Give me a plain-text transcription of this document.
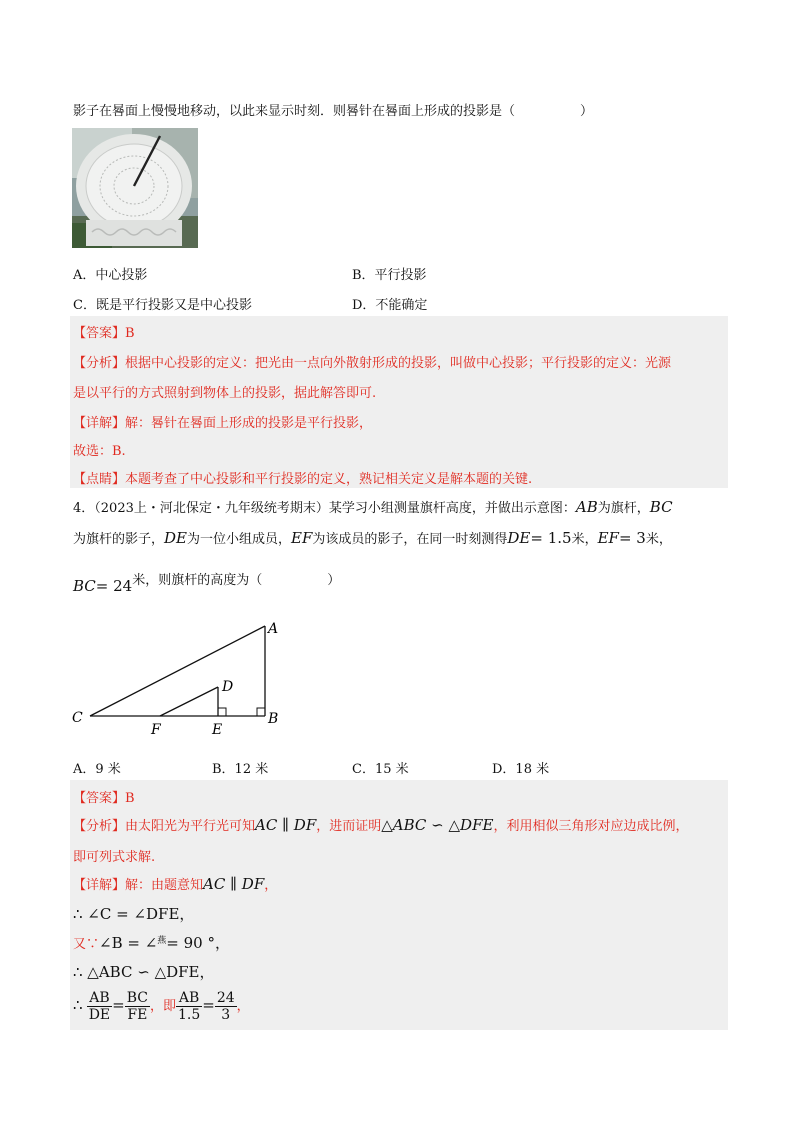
影子在晷面上慢慢地移动，以此来显示时刻．则晷针在晷面上形成的投影是（　　　　　）
A．中心投影	B．平行投影
C．既是平行投影又是中心投影	D．不能确定
【答案】B
【分析】根据中心投影的定义：把光由一点向外散射形成的投影，叫做中心投影；平行投影的定义：光源
是以平行的方式照射到物体上的投影，据此解答即可.
【详解】解：晷针在晷面上形成的投影是平行投影，
故选：B.
【点睛】本题考查了中心投影和平行投影的定义，熟记相关定义是解本题的关键.
4．（2023上・河北保定・九年级统考期末）某学习小组测量旗杆高度，并做出示意图：AB为旗杆，BC
为旗杆的影子，DE为一位小组成员，EF为该成员的影子，在同一时刻测得DE= 1.5米，EF= 3米，
BC= 24米，则旗杆的高度为（　　　　　）
A
B
C
D
E
F
A．9 米	B．12 米	C．15 米	D．18 米
【答案】B
【分析】由太阳光为平行光可知AC ∥ DF，进而证明△ABC ∽ △DFE，利用相似三角形对应边成比例，
即可列式求解.
【详解】解：由题意知AC ∥ DF，
∴ ∠C = ∠DFE，
又∵∠B = ∠$^燕$= 90 °，
∴ △ABC ∽ △DFE，
∴ $\frac{AB}{DE} = \frac{BC}{FE}$ ，即 $\frac{AB}{1.5} = \frac{24}{3}$ ，
